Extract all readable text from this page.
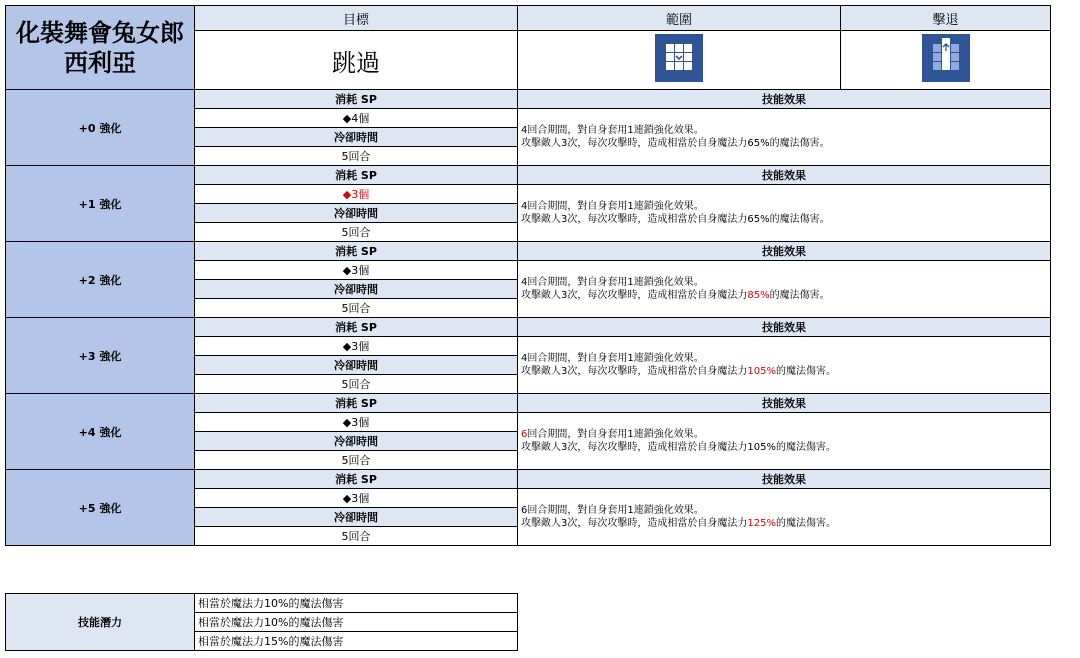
化裝舞會兔女郎
西利亞	目標	範圍	擊退
	跳過		
+0 強化	消耗 SP	技能效果	
	◆4個	4回合期間，對自身套用1連鎖強化效果。
攻擊敵人3次，每次攻擊時，造成相當於自身魔法力65%的魔法傷害。	

	冷卻時間		
	5回合		
+1 強化	消耗 SP	技能效果	
	◆3個	4回合期間，對自身套用1連鎖強化效果。
攻擊敵人3次，每次攻擊時，造成相當於自身魔法力65%的魔法傷害。	

	冷卻時間		
	5回合		
+2 強化	消耗 SP	技能效果	
	◆3個	4回合期間，對自身套用1連鎖強化效果。
攻擊敵人3次，每次攻擊時，造成相當於自身魔法力85%的魔法傷害。	

	冷卻時間		
	5回合		
+3 強化	消耗 SP	技能效果	
	◆3個	4回合期間，對自身套用1連鎖強化效果。
攻擊敵人3次，每次攻擊時，造成相當於自身魔法力105%的魔法傷害。	

	冷卻時間		
	5回合		
+4 強化	消耗 SP	技能效果	
	◆3個	6回合期間，對自身套用1連鎖強化效果。
攻擊敵人3次，每次攻擊時，造成相當於自身魔法力105%的魔法傷害。	

	冷卻時間		
	5回合		
+5 強化	消耗 SP	技能效果	
	◆3個	6回合期間，對自身套用1連鎖強化效果。
攻擊敵人3次，每次攻擊時，造成相當於自身魔法力125%的魔法傷害。	

	冷卻時間		
	5回合		
技能潛力	相當於魔法力10%的魔法傷害
相當於魔法力10%的魔法傷害
相當於魔法力15%的魔法傷害
